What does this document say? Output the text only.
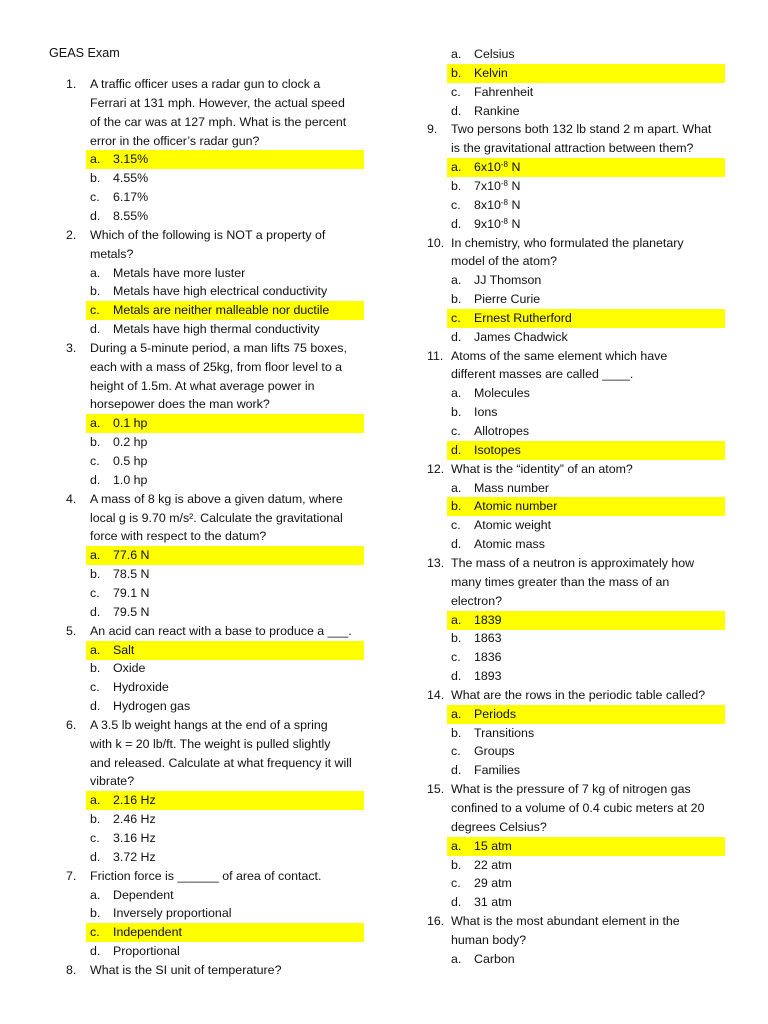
GEAS Exam
1.	A traffic officer uses a radar gun to clock a
Ferrari at 131 mph. However, the actual speed
of the car was at 127 mph. What is the percent
error in the officer’s radar gun?
a. 3.15%
b. 4.55%
c. 6.17%
d. 8.55%
2.	Which of the following is NOT a property of
metals?
a. Metals have more luster
b. Metals have high electrical conductivity
c. Metals are neither malleable nor ductile
d. Metals have high thermal conductivity
3.	During a 5-minute period, a man lifts 75 boxes,
each with a mass of 25kg, from floor level to a
height of 1.5m. At what average power in
horsepower does the man work?
a. 0.1 hp
b. 0.2 hp
c. 0.5 hp
d. 1.0 hp
4.	A mass of 8 kg is above a given datum, where
local g is 9.70 m/s². Calculate the gravitational
force with respect to the datum?
a. 77.6 N
b. 78.5 N
c. 79.1 N
d. 79.5 N
5.	An acid can react with a base to produce a ___.
a. Salt
b. Oxide
c. Hydroxide
d. Hydrogen gas
6.	A 3.5 lb weight hangs at the end of a spring
with k = 20 lb/ft. The weight is pulled slightly
and released. Calculate at what frequency it will
vibrate?
a. 2.16 Hz
b. 2.46 Hz
c. 3.16 Hz
d. 3.72 Hz
7.	Friction force is ______ of area of contact.
a. Dependent
b. Inversely proportional
c. Independent
d. Proportional
8.	What is the SI unit of temperature?
a. Celsius
b. Kelvin
c. Fahrenheit
d. Rankine
9.	Two persons both 132 lb stand 2 m apart. What
is the gravitational attraction between them?
a. $6x10^{-8}$ N
b. $7x10^{-8}$ N
c. $8x10^{-8}$ N
d. $9x10^{-8}$ N
10. In chemistry, who formulated the planetary
model of the atom?
a. JJ Thomson
b. Pierre Curie
c. Ernest Rutherford
d. James Chadwick
11. Atoms of the same element which have
different masses are called ____.
a. Molecules
b. Ions
c. Allotropes
d. Isotopes
12. What is the “identity” of an atom?
a. Mass number
b. Atomic number
c. Atomic weight
d. Atomic mass
13. The mass of a neutron is approximately how
many times greater than the mass of an
electron?
a. 1839
b. 1863
c. 1836
d. 1893
14. What are the rows in the periodic table called?
a. Periods
b. Transitions
c. Groups
d. Families
15. What is the pressure of 7 kg of nitrogen gas
confined to a volume of 0.4 cubic meters at 20
degrees Celsius?
a. 15 atm
b. 22 atm
c. 29 atm
d. 31 atm
16. What is the most abundant element in the
human body?
a. Carbon
